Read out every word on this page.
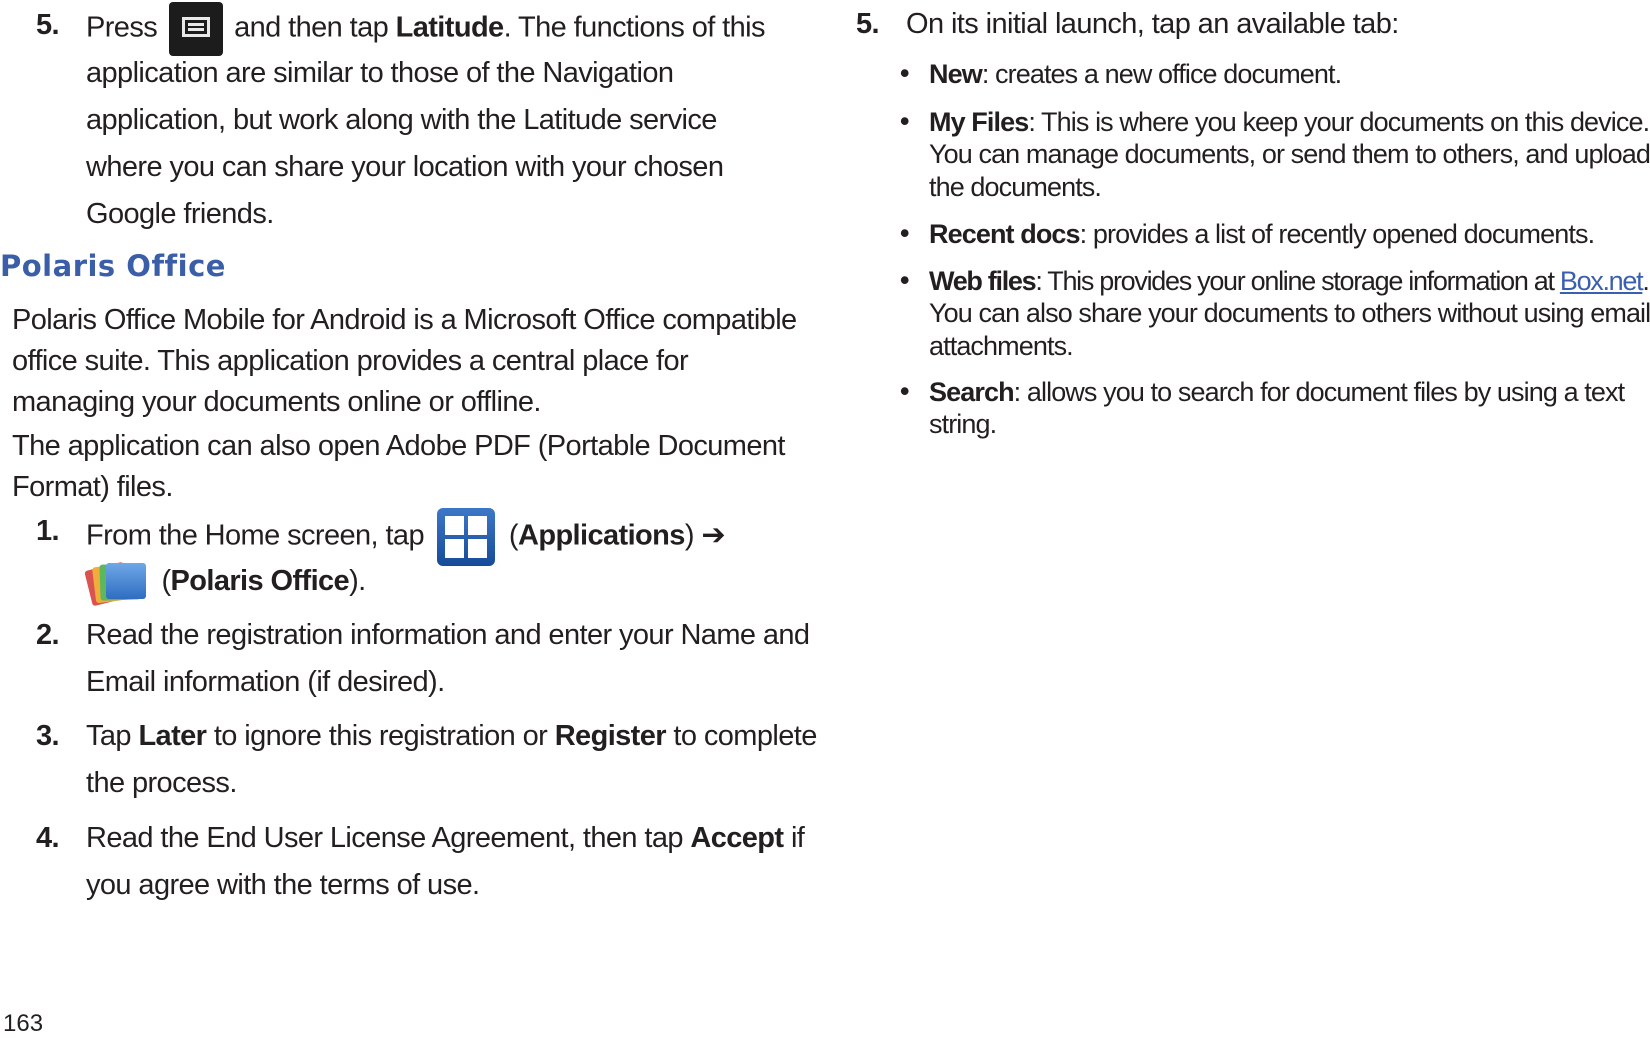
5. Press	and then tap Latitude. The functions of this
application are similar to those of the Navigation
application, but work along with the Latitude service
where you can share your location with your chosen
Google friends.
Polaris Office
Polaris Office Mobile for Android is a Microsoft Office compatible
office suite. This application provides a central place for
managing your documents online or offline.
The application can also open Adobe PDF (Portable Document
Format) files.
1. From the Home screen, tap	(Applications) ➔
(Polaris Office).
2. Read the registration information and enter your Name and
Email information (if desired).
3. Tap Later to ignore this registration or Register to complete
the process.
4. Read the End User License Agreement, then tap Accept if
you agree with the terms of use.
5. On its initial launch, tap an available tab:
• New: creates a new office document.
• My Files: This is where you keep your documents on this device.
You can manage documents, or send them to others, and upload
the documents.
• Recent docs: provides a list of recently opened documents.
• Web files: This provides your online storage information at Box.net.
You can also share your documents to others without using email
attachments.
• Search: allows you to search for document files by using a text
string.
163
